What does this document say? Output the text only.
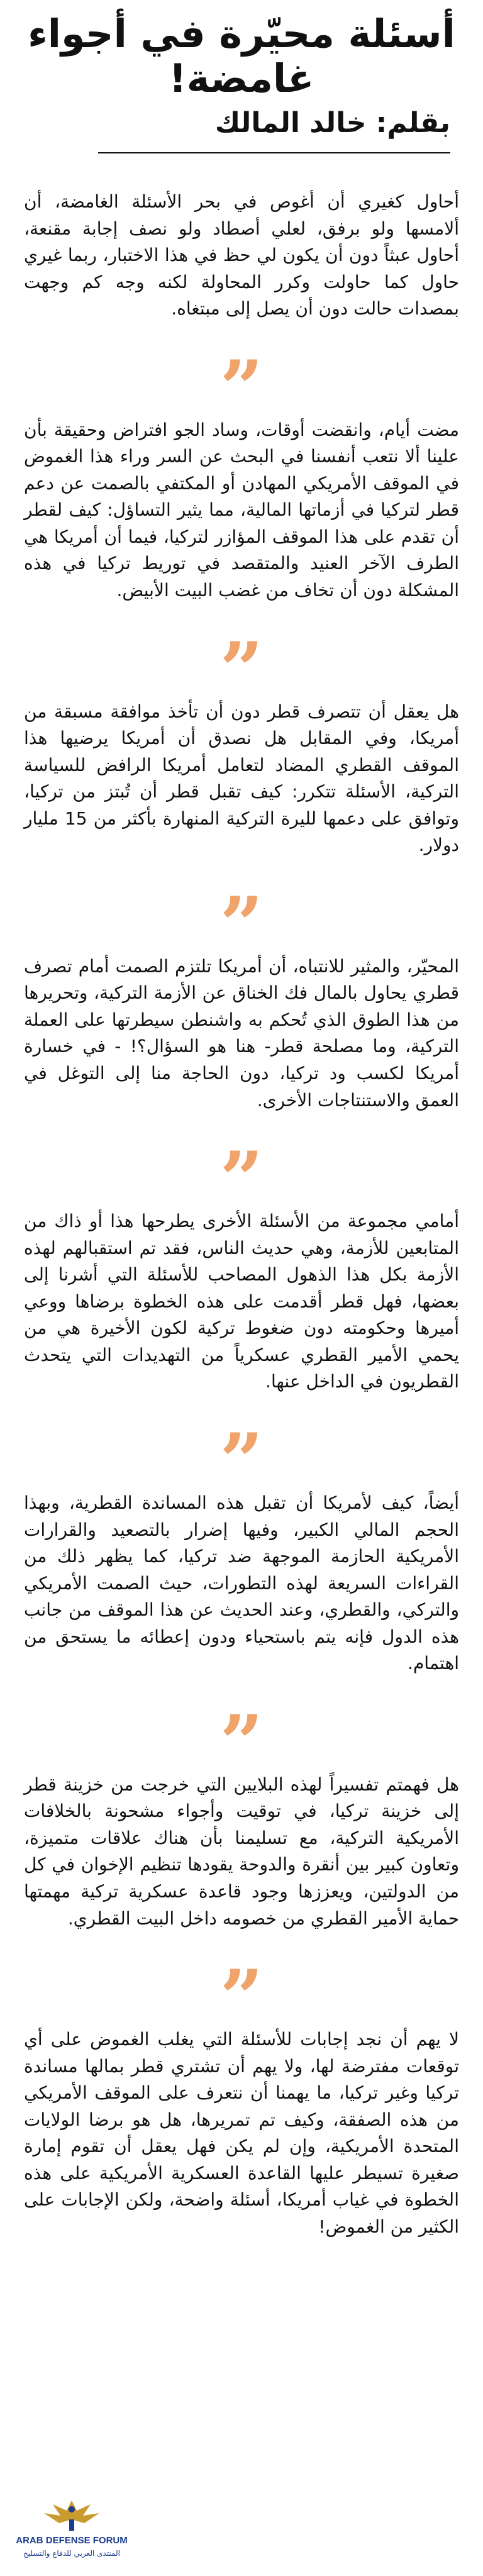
أسئلة محيّرة في أجواء غامضة!
بقلم: خالد المالك

أحاول كغيري أن أغوص في بحر الأسئلة الغامضة، أن ألامسها ولو برفق، لعلي أصطاد ولو نصف إجابة مقنعة، أحاول عبثاً دون أن يكون لي حظ في هذا الاختبار، ربما غيري حاول كما حاولت وكرر المحاولة لكنه وجه كم وجهت بمصدات حالت دون أن يصل إلى مبتغاه.

”

مضت أيام، وانقضت أوقات، وساد الجو افتراض وحقيقة بأن علينا ألا نتعب أنفسنا في البحث عن السر وراء هذا الغموض في الموقف الأمريكي المهادن أو المكتفي بالصمت عن دعم قطر لتركيا في أزماتها المالية، مما يثير التساؤل: كيف لقطر أن تقدم على هذا الموقف المؤازر لتركيا، فيما أن أمريكا هي الطرف الآخر العنيد والمتقصد في توريط تركيا في هذه المشكلة دون أن تخاف من غضب البيت الأبيض.

”

هل يعقل أن تتصرف قطر دون أن تأخذ موافقة مسبقة من أمريكا، وفي المقابل هل نصدق أن أمريكا يرضيها هذا الموقف القطري المضاد لتعامل أمريكا الرافض للسياسة التركية، الأسئلة تتكرر: كيف تقبل قطر أن تُبتز من تركيا، وتوافق على دعمها لليرة التركية المنهارة بأكثر من 15 مليار دولار.

”

المحيّر، والمثير للانتباه، أن أمريكا تلتزم الصمت أمام تصرف قطري يحاول بالمال فك الخناق عن الأزمة التركية، وتحريرها من هذا الطوق الذي تُحكم به واشنطن سيطرتها على العملة التركية، وما مصلحة قطر- هنا هو السؤال؟! - في خسارة أمريكا لكسب ود تركيا، دون الحاجة منا إلى التوغل في العمق والاستنتاجات الأخرى.

”

أمامي مجموعة من الأسئلة الأخرى يطرحها هذا أو ذاك من المتابعين للأزمة، وهي حديث الناس، فقد تم استقبالهم لهذه الأزمة بكل هذا الذهول المصاحب للأسئلة التي أشرنا إلى بعضها، فهل قطر أقدمت على هذه الخطوة برضاها ووعي أميرها وحكومته دون ضغوط تركية لكون الأخيرة هي من يحمي الأمير القطري عسكرياً من التهديدات التي يتحدث القطريون في الداخل عنها.

”

أيضاً، كيف لأمريكا أن تقبل هذه المساندة القطرية، وبهذا الحجم المالي الكبير، وفيها إضرار بالتصعيد والقرارات الأمريكية الحازمة الموجهة ضد تركيا، كما يظهر ذلك من القراءات السريعة لهذه التطورات، حيث الصمت الأمريكي والتركي، والقطري، وعند الحديث عن هذا الموقف من جانب هذه الدول فإنه يتم باستحياء ودون إعطائه ما يستحق من اهتمام.

”

هل فهمتم تفسيراً لهذه البلايين التي خرجت من خزينة قطر إلى خزينة تركيا، في توقيت وأجواء مشحونة بالخلافات الأمريكية التركية، مع تسليمنا بأن هناك علاقات متميزة، وتعاون كبير بين أنقرة والدوحة يقودها تنظيم الإخوان في كل من الدولتين، ويعززها وجود قاعدة عسكرية تركية مهمتها حماية الأمير القطري من خصومه داخل البيت القطري.

”

لا يهم أن نجد إجابات للأسئلة التي يغلب الغموض على أي توقعات مفترضة لها، ولا يهم أن تشتري قطر بمالها مساندة تركيا وغير تركيا، ما يهمنا أن نتعرف على الموقف الأمريكي من هذه الصفقة، وكيف تم تمريرها، هل هو برضا الولايات المتحدة الأمريكية، وإن لم يكن فهل يعقل أن تقوم إمارة صغيرة تسيطر عليها القاعدة العسكرية الأمريكية على هذه الخطوة في غياب أمريكا، أسئلة واضحة، ولكن الإجابات على الكثير من الغموض!

ARAB DEFENSE FORUM
المنتدى العربي للدفاع والتسليح
